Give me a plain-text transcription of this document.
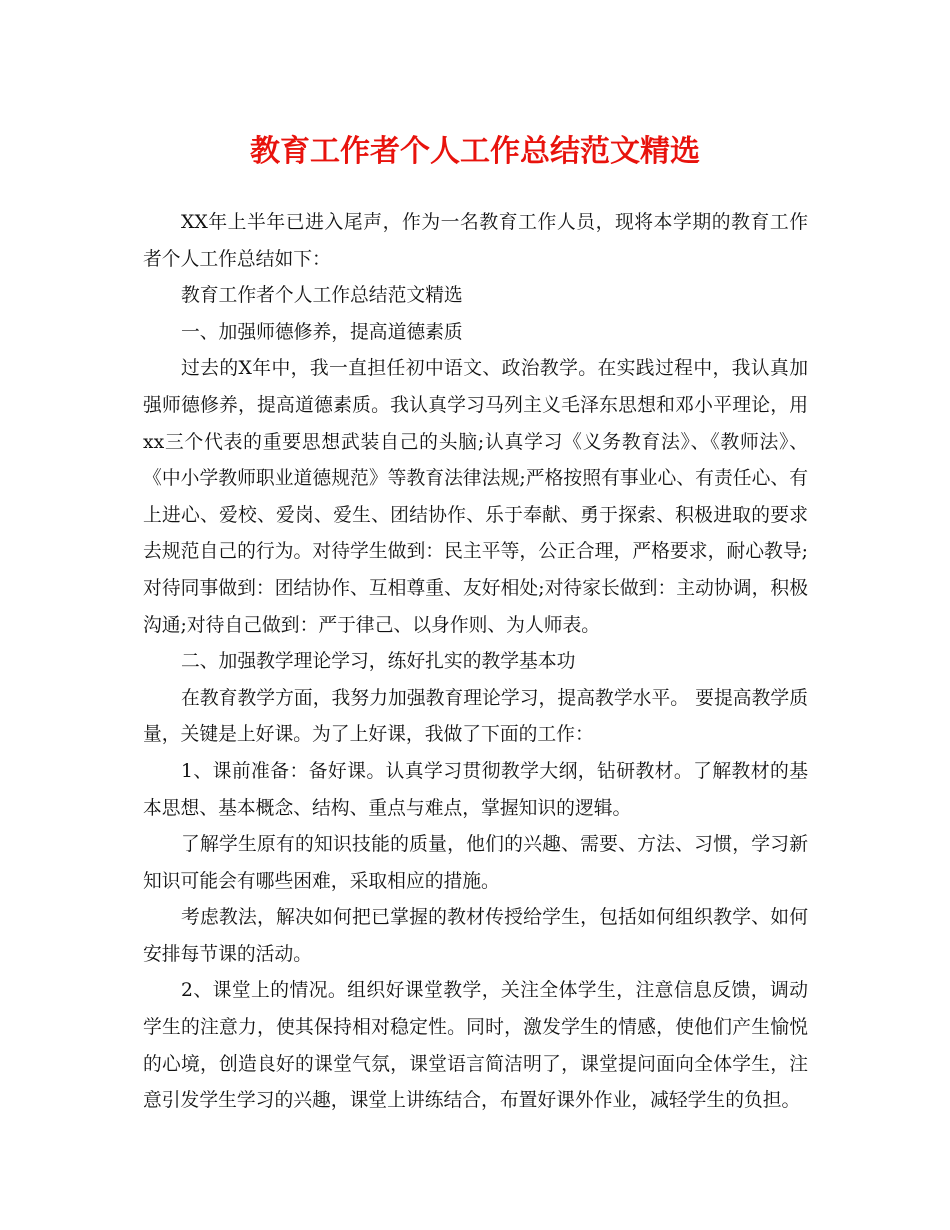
教育工作者个人工作总结范文精选

XX年上半年已进入尾声，作为一名教育工作人员，现将本学期的教育工作者个人工作总结如下：

教育工作者个人工作总结范文精选

一、加强师德修养，提高道德素质

过去的X年中，我一直担任初中语文、政治教学。在实践过程中，我认真加强师德修养，提高道德素质。我认真学习马列主义毛泽东思想和邓小平理论，用xx三个代表的重要思想武装自己的头脑;认真学习《义务教育法》、《教师法》、《中小学教师职业道德规范》等教育法律法规;严格按照有事业心、有责任心、有上进心、爱校、爱岗、爱生、团结协作、乐于奉献、勇于探索、积极进取的要求去规范自己的行为。对待学生做到：民主平等，公正合理，严格要求，耐心教导;对待同事做到：团结协作、互相尊重、友好相处;对待家长做到：主动协调，积极沟通;对待自己做到：严于律己、以身作则、为人师表。

二、加强教学理论学习，练好扎实的教学基本功

在教育教学方面，我努力加强教育理论学习，提高教学水平。 要提高教学质量，关键是上好课。为了上好课，我做了下面的工作：

1、课前准备：备好课。认真学习贯彻教学大纲，钻研教材。了解教材的基本思想、基本概念、结构、重点与难点，掌握知识的逻辑。

了解学生原有的知识技能的质量，他们的兴趣、需要、方法、习惯，学习新知识可能会有哪些困难，采取相应的措施。

考虑教法，解决如何把已掌握的教材传授给学生，包括如何组织教学、如何安排每节课的活动。

2、课堂上的情况。组织好课堂教学，关注全体学生，注意信息反馈，调动学生的注意力，使其保持相对稳定性。同时，激发学生的情感，使他们产生愉悦的心境，创造良好的课堂气氛，课堂语言简洁明了，课堂提问面向全体学生，注意引发学生学习的兴趣，课堂上讲练结合，布置好课外作业，减轻学生的负担。
